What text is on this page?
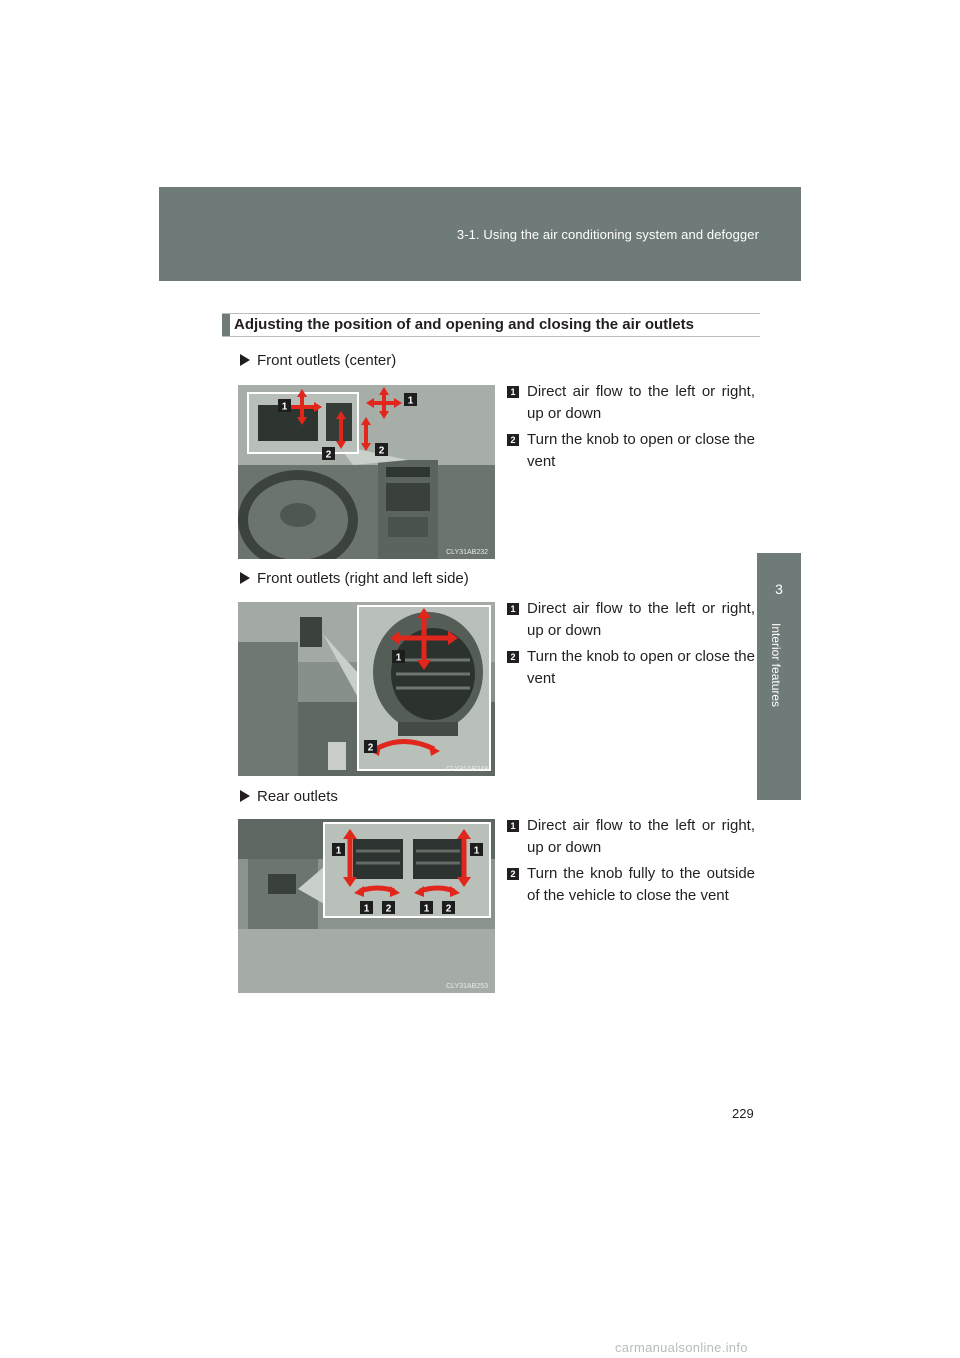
3-1. Using the air conditioning system and defogger
3
Interior features
Adjusting the position of and opening and closing the air outlets
Front outlets (center)
1
1
2	2
CLY31AB232
1 Direct air flow to the left or right, up or down
2 Turn the knob to open or close the vent
Front outlets (right and left side)
1
2
CLY31AB248
1 Direct air flow to the left or right, up or down
2 Turn the knob to open or close the vent
Rear outlets
1	1
1 2	1 2
CLY31AB253
1 Direct air flow to the left or right, up or down
2 Turn the knob fully to the outside of the vehicle to close the vent
229
carmanualsonline.info
